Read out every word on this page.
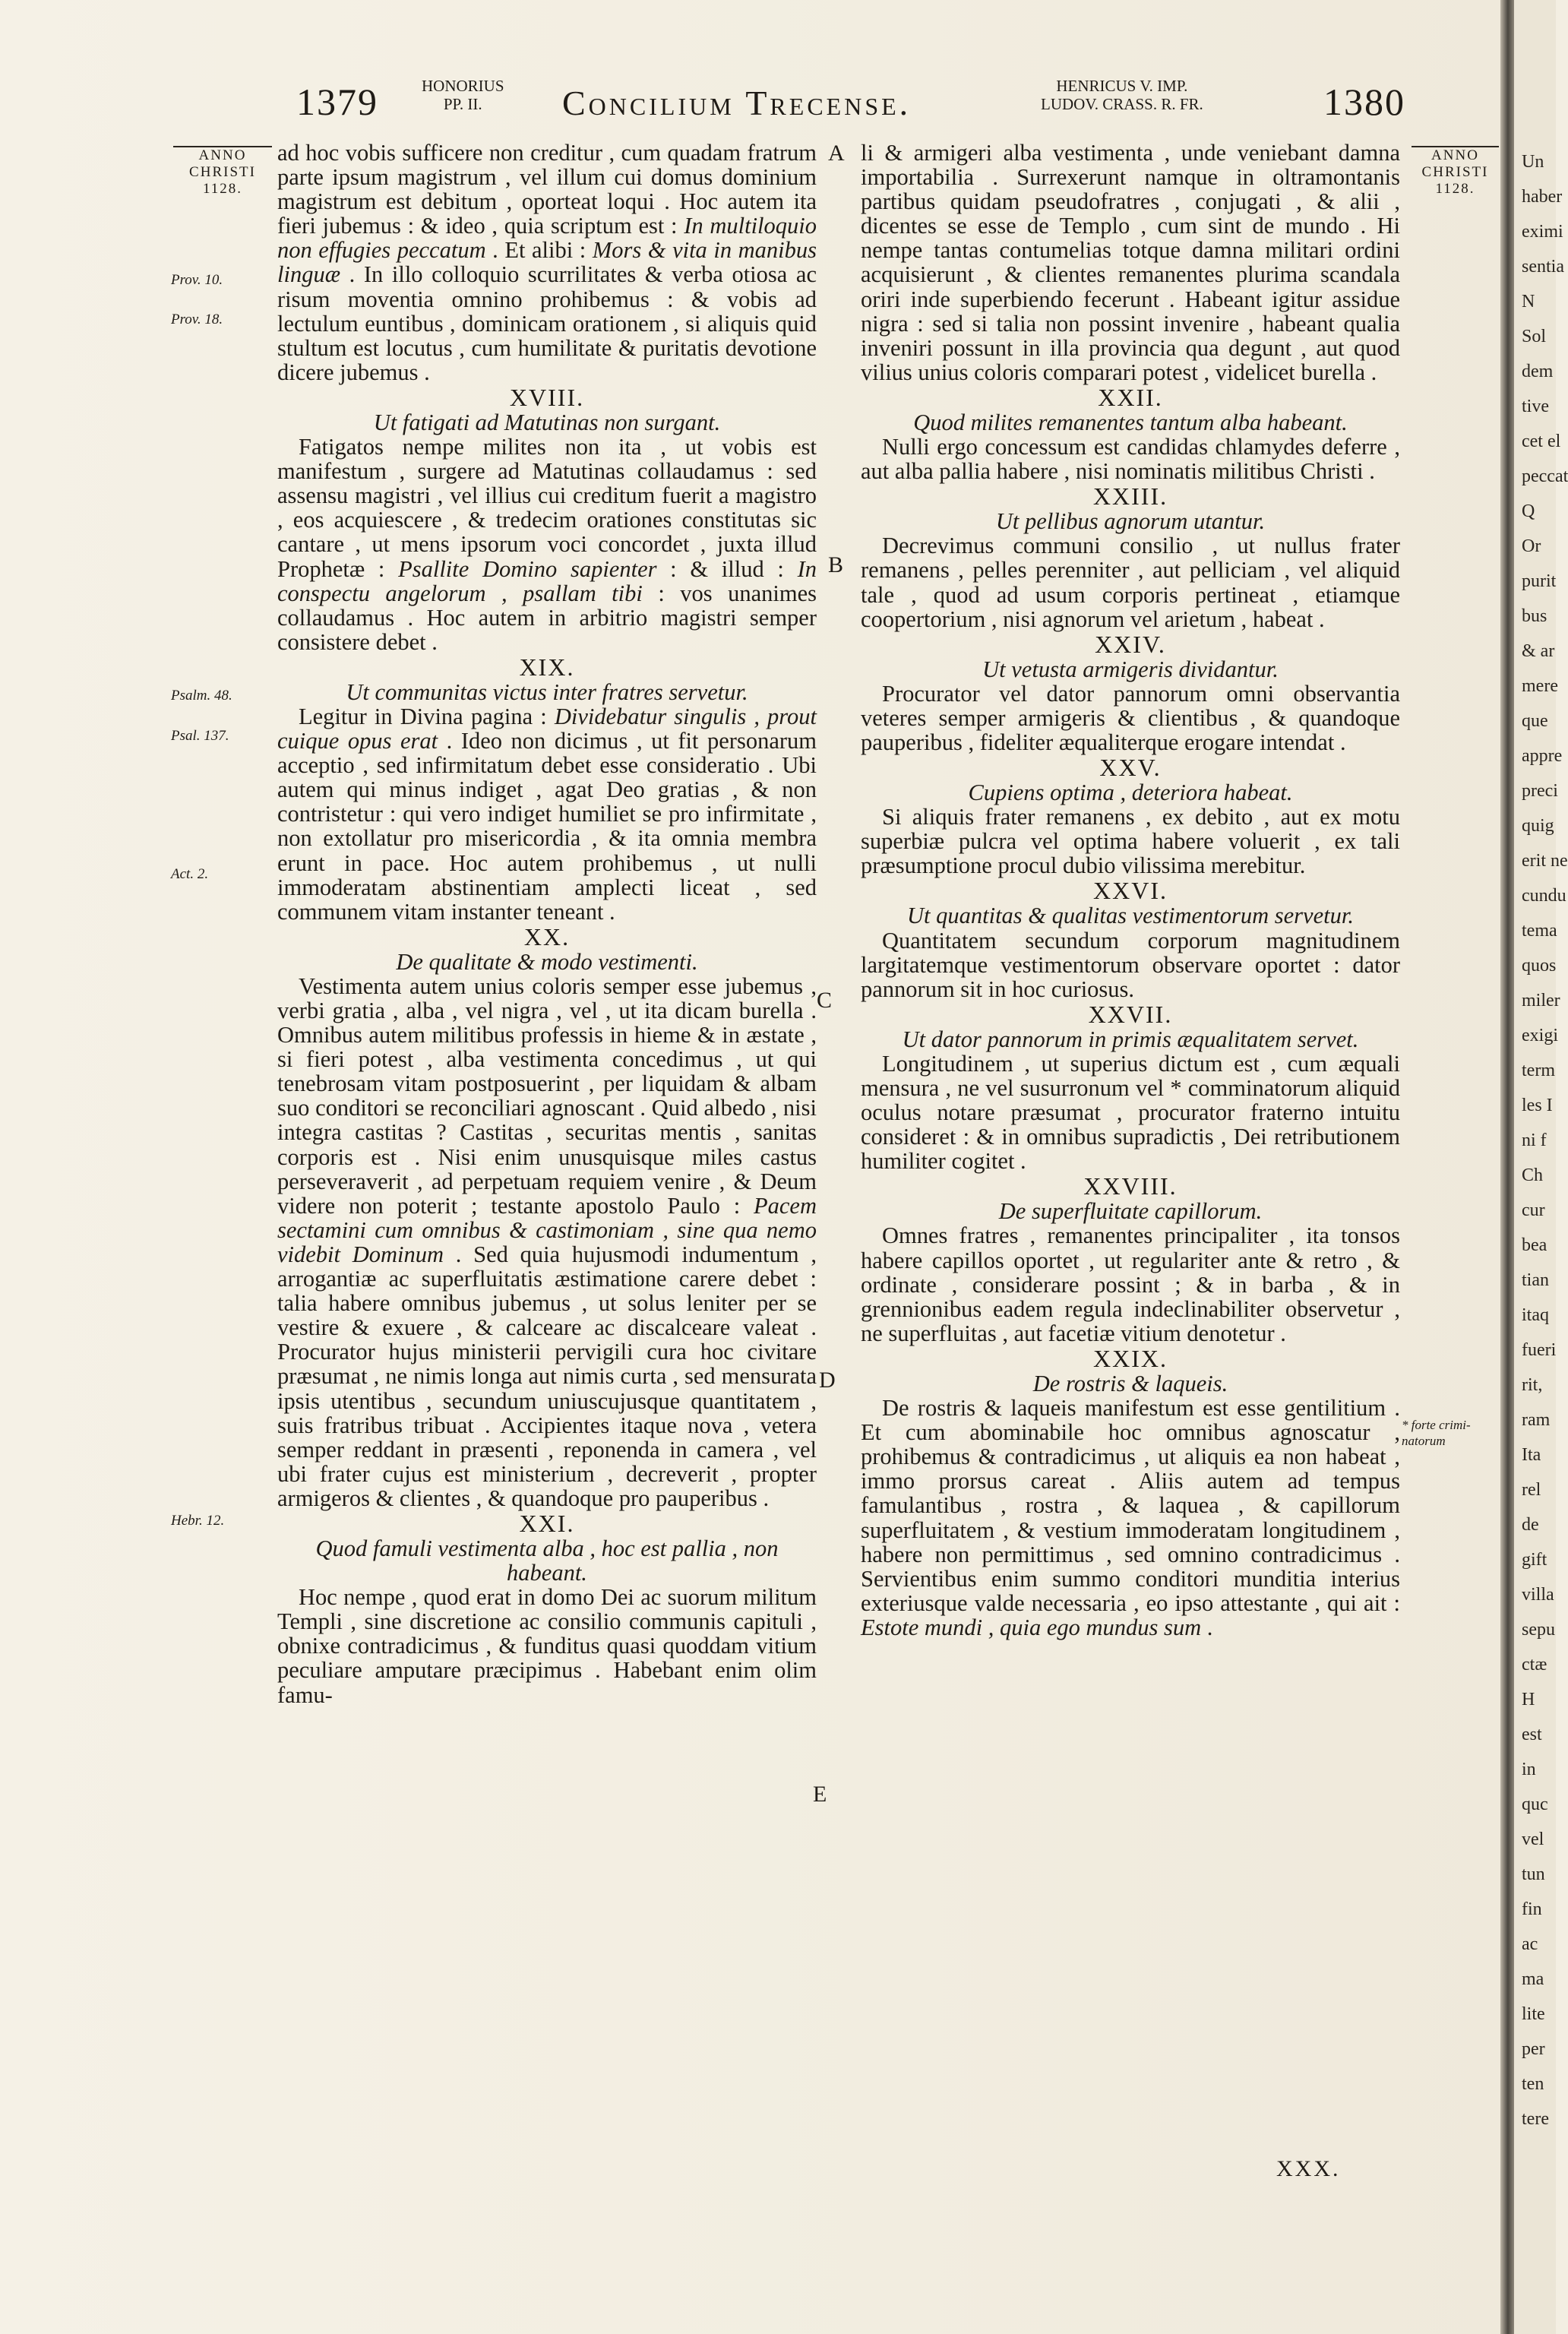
1379	HONORIUS
PP. II.	Concilium Trecense.	HENRICUS V. IMP.
LUDOV. CRASS. R. FR.	1380
ANNO
CHRISTI
1128.
ANNO
CHRISTI
1128.
Prov. 10.
Prov. 18.
Psalm. 48.
Psal. 137.
Act. 2.
Hebr. 12.
A
B
C
D
E

ad hoc vobis sufficere non creditur , cum quadam fratrum parte ipsum magistrum , vel illum cui domus dominium magistrum est debitum , oporteat loqui . Hoc autem ita fieri jubemus : & ideo , quia scriptum est : In multiloquio non effugies peccatum . Et alibi : Mors & vita in manibus linguæ . In illo colloquio scurrilitates & verba otiosa ac risum moventia omnino prohibemus : & vobis ad lectulum euntibus , dominicam orationem , si aliquis quid stultum est locutus , cum humilitate & puritatis devotione dicere jubemus .

XVIII.

Ut fatigati ad Matutinas non surgant.

Fatigatos nempe milites non ita , ut vobis est manifestum , surgere ad Matutinas collaudamus : sed assensu magistri , vel illius cui creditum fuerit a magistro , eos acquiescere , & tredecim orationes constitutas sic cantare , ut mens ipsorum voci concordet , juxta illud Prophetæ : Psallite Domino sapienter : & illud : In conspectu angelorum , psallam tibi : vos unanimes collaudamus . Hoc autem in arbitrio magistri semper consistere debet .

XIX.

Ut communitas victus inter fratres servetur.

Legitur in Divina pagina : Dividebatur singulis , prout cuique opus erat . Ideo non dicimus , ut fit personarum acceptio , sed infirmitatum debet esse consideratio . Ubi autem qui minus indiget , agat Deo gratias , & non contristetur : qui vero indiget humiliet se pro infirmitate , non extollatur pro misericordia , & ita omnia membra erunt in pace. Hoc autem prohibemus , ut nulli immoderatam abstinentiam amplecti liceat , sed communem vitam instanter teneant .

XX.

De qualitate & modo vestimenti.

Vestimenta autem unius coloris semper esse jubemus , verbi gratia , alba , vel nigra , vel , ut ita dicam burella . Omnibus autem militibus professis in hieme & in æstate , si fieri potest , alba vestimenta concedimus , ut qui tenebrosam vitam postposuerint , per liquidam & albam suo conditori se reconciliari agnoscant . Quid albedo , nisi integra castitas ? Castitas , securitas mentis , sanitas corporis est . Nisi enim unusquisque miles castus perseveraverit , ad perpetuam requiem venire , & Deum videre non poterit ; testante apostolo Paulo : Pacem sectamini cum omnibus & castimoniam , sine qua nemo videbit Dominum . Sed quia hujusmodi indumentum , arrogantiæ ac superfluitatis æstimatione carere debet : talia habere omnibus jubemus , ut solus leniter per se vestire & exuere , & calceare ac discalceare valeat . Procurator hujus ministerii pervigili cura hoc civitare præsumat , ne nimis longa aut nimis curta , sed mensurata ipsis utentibus , secundum uniuscujusque quantitatem , suis fratribus tribuat . Accipientes itaque nova , vetera semper reddant in præsenti , reponenda in camera , vel ubi frater cujus est ministerium , decreverit , propter armigeros & clientes , & quandoque pro pauperibus .

XXI.

Quod famuli vestimenta alba , hoc est pallia , non habeant.

Hoc nempe , quod erat in domo Dei ac suorum militum Templi , sine discretione ac consilio communis capituli , obnixe contradicimus , & funditus quasi quoddam vitium peculiare amputare præcipimus . Habebant enim olim famu-

li & armigeri alba vestimenta , unde veniebant damna importabilia . Surrexerunt namque in oltramontanis partibus quidam pseudofratres , conjugati , & alii , dicentes se esse de Templo , cum sint de mundo . Hi nempe tantas contumelias totque damna militari ordini acquisierunt , & clientes remanentes plurima scandala oriri inde superbiendo fecerunt . Habeant igitur assidue nigra : sed si talia non possint invenire , habeant qualia inveniri possunt in illa provincia qua degunt , aut quod vilius unius coloris comparari potest , videlicet burella .

XXII.

Quod milites remanentes tantum alba habeant.

Nulli ergo concessum est candidas chlamydes deferre , aut alba pallia habere , nisi nominatis militibus Christi .

XXIII.

Ut pellibus agnorum utantur.

Decrevimus communi consilio , ut nullus frater remanens , pelles perenniter , aut pelliciam , vel aliquid tale , quod ad usum corporis pertineat , etiamque coopertorium , nisi agnorum vel arietum , habeat .

XXIV.

Ut vetusta armigeris dividantur.

Procurator vel dator pannorum omni observantia veteres semper armigeris & clientibus , & quandoque pauperibus , fideliter æqualiterque erogare intendat .

XXV.

Cupiens optima , deteriora habeat.

Si aliquis frater remanens , ex debito , aut ex motu superbiæ pulcra vel optima habere voluerit , ex tali præsumptione procul dubio vilissima merebitur.

XXVI.

Ut quantitas & qualitas vestimentorum servetur.

Quantitatem secundum corporum magnitudinem largitatemque vestimentorum observare oportet : dator pannorum sit in hoc curiosus.

XXVII.

Ut dator pannorum in primis æqualitatem servet.

Longitudinem , ut superius dictum est , cum æquali mensura , ne vel susurronum vel * comminatorum aliquid oculus notare præsumat , procurator fraterno intuitu consideret : & in omnibus supradictis , Dei retributionem humiliter cogitet .

XXVIII.

De superfluitate capillorum.

Omnes fratres , remanentes principaliter , ita tonsos habere capillos oportet , ut regulariter ante & retro , & ordinate , considerare possint ; & in barba , & in grennionibus eadem regula indeclinabiliter observetur , ne superfluitas , aut facetiæ vitium denotetur .

XXIX.

De rostris & laqueis.

De rostris & laqueis manifestum est esse gentilitium . Et cum abominabile hoc omnibus agnoscatur , prohibemus & contradicimus , ut aliquis ea non habeat , immo prorsus careat . Aliis autem ad tempus famulantibus , rostra , & laquea , & capillorum superfluitatem , & vestium immoderatam longitudinem , habere non permittimus , sed omnino contradicimus . Servientibus enim summo conditori munditia interius exteriusque valde necessaria , eo ipso attestante , qui ait : Estote mundi , quia ego mundus sum .

* forte crimi-
natorum
XXX.
Un
haber
eximi
sentia
N
Sol
dem
tive
cet el
peccat
Q
Or
purit
bus
& ar
mere
que
appre
preci
quig
erit ne
cundu
tema
quos
miler
exigi
term
les I
ni f
Ch
cur
bea
tian
itaq
fueri
rit,
ram
Ita
rel
de
gift
villa
sepu
ctæ
H
est
in
quc
vel
tun
fin
ac
ma
lite
per
ten
tere
